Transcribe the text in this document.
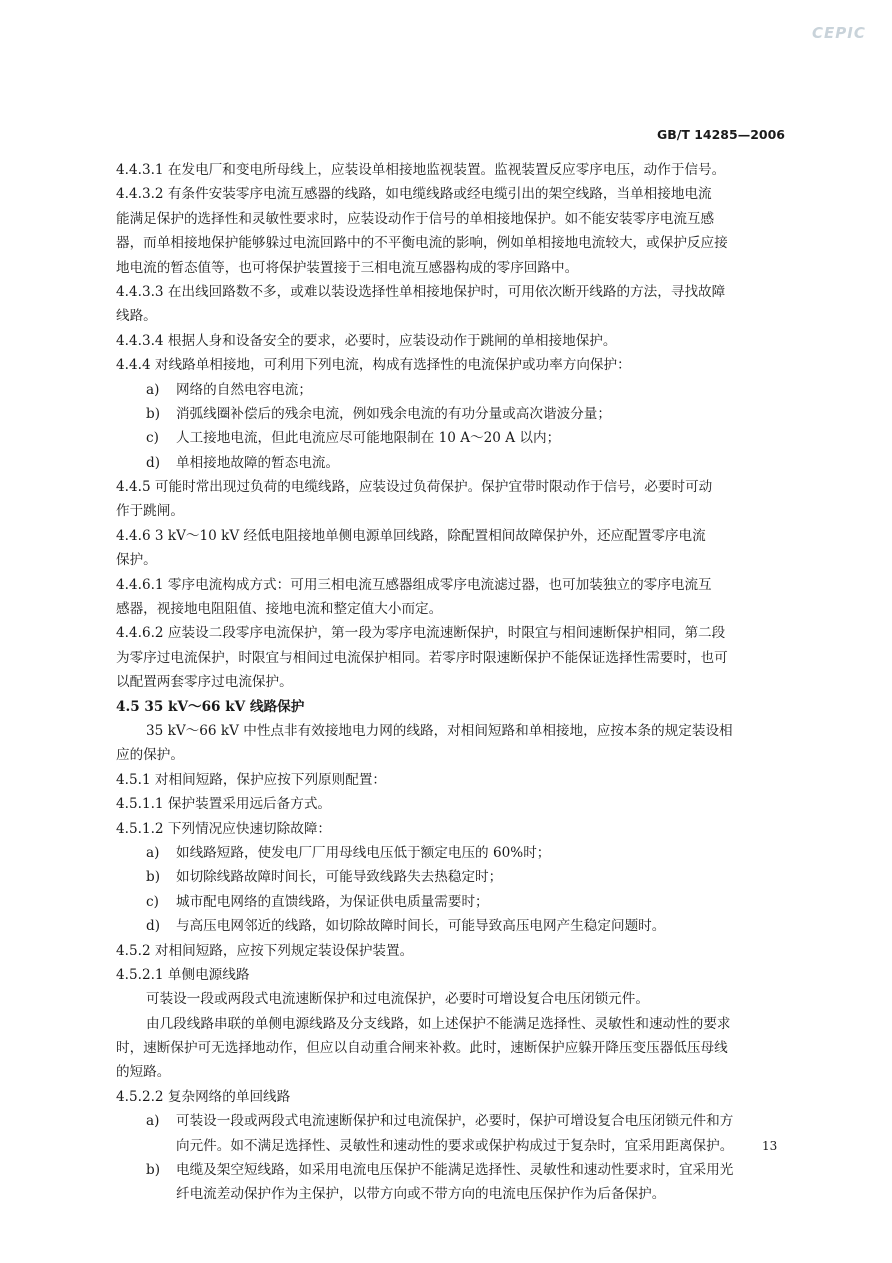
CEPIC
GB/T 14285—2006
4.4.3.1 在发电厂和变电所母线上，应装设单相接地监视装置。监视装置反应零序电压，动作于信号。
4.4.3.2 有条件安装零序电流互感器的线路，如电缆线路或经电缆引出的架空线路，当单相接地电流
能满足保护的选择性和灵敏性要求时，应装设动作于信号的单相接地保护。如不能安装零序电流互感
器，而单相接地保护能够躲过电流回路中的不平衡电流的影响，例如单相接地电流较大，或保护反应接
地电流的暂态值等，也可将保护装置接于三相电流互感器构成的零序回路中。
4.4.3.3 在出线回路数不多，或难以装设选择性单相接地保护时，可用依次断开线路的方法，寻找故障
线路。
4.4.3.4 根据人身和设备安全的要求，必要时，应装设动作于跳闸的单相接地保护。
4.4.4 对线路单相接地，可利用下列电流，构成有选择性的电流保护或功率方向保护：
a) 网络的自然电容电流；
b) 消弧线圈补偿后的残余电流，例如残余电流的有功分量或高次谐波分量；
c) 人工接地电流，但此电流应尽可能地限制在 10 A～20 A 以内；
d) 单相接地故障的暂态电流。
4.4.5 可能时常出现过负荷的电缆线路，应装设过负荷保护。保护宜带时限动作于信号，必要时可动
作于跳闸。
4.4.6 3 kV～10 kV 经低电阻接地单侧电源单回线路，除配置相间故障保护外，还应配置零序电流
保护。
4.4.6.1 零序电流构成方式：可用三相电流互感器组成零序电流滤过器，也可加装独立的零序电流互
感器，视接地电阻阻值、接地电流和整定值大小而定。
4.4.6.2 应装设二段零序电流保护，第一段为零序电流速断保护，时限宜与相间速断保护相同，第二段
为零序过电流保护，时限宜与相间过电流保护相同。若零序时限速断保护不能保证选择性需要时，也可
以配置两套零序过电流保护。
4.5 35 kV～66 kV 线路保护
35 kV～66 kV 中性点非有效接地电力网的线路，对相间短路和单相接地，应按本条的规定装设相
应的保护。
4.5.1 对相间短路，保护应按下列原则配置：
4.5.1.1 保护装置采用远后备方式。
4.5.1.2 下列情况应快速切除故障：
a) 如线路短路，使发电厂厂用母线电压低于额定电压的 60%时；
b) 如切除线路故障时间长，可能导致线路失去热稳定时；
c) 城市配电网络的直馈线路，为保证供电质量需要时；
d) 与高压电网邻近的线路，如切除故障时间长，可能导致高压电网产生稳定问题时。
4.5.2 对相间短路，应按下列规定装设保护装置。
4.5.2.1 单侧电源线路
可装设一段或两段式电流速断保护和过电流保护，必要时可增设复合电压闭锁元件。
由几段线路串联的单侧电源线路及分支线路，如上述保护不能满足选择性、灵敏性和速动性的要求
时，速断保护可无选择地动作，但应以自动重合闸来补救。此时，速断保护应躲开降压变压器低压母线
的短路。
4.5.2.2 复杂网络的单回线路
a) 可装设一段或两段式电流速断保护和过电流保护，必要时，保护可增设复合电压闭锁元件和方
向元件。如不满足选择性、灵敏性和速动性的要求或保护构成过于复杂时，宜采用距离保护。
b) 电缆及架空短线路，如采用电流电压保护不能满足选择性、灵敏性和速动性要求时，宜采用光
纤电流差动保护作为主保护，以带方向或不带方向的电流电压保护作为后备保护。
13
